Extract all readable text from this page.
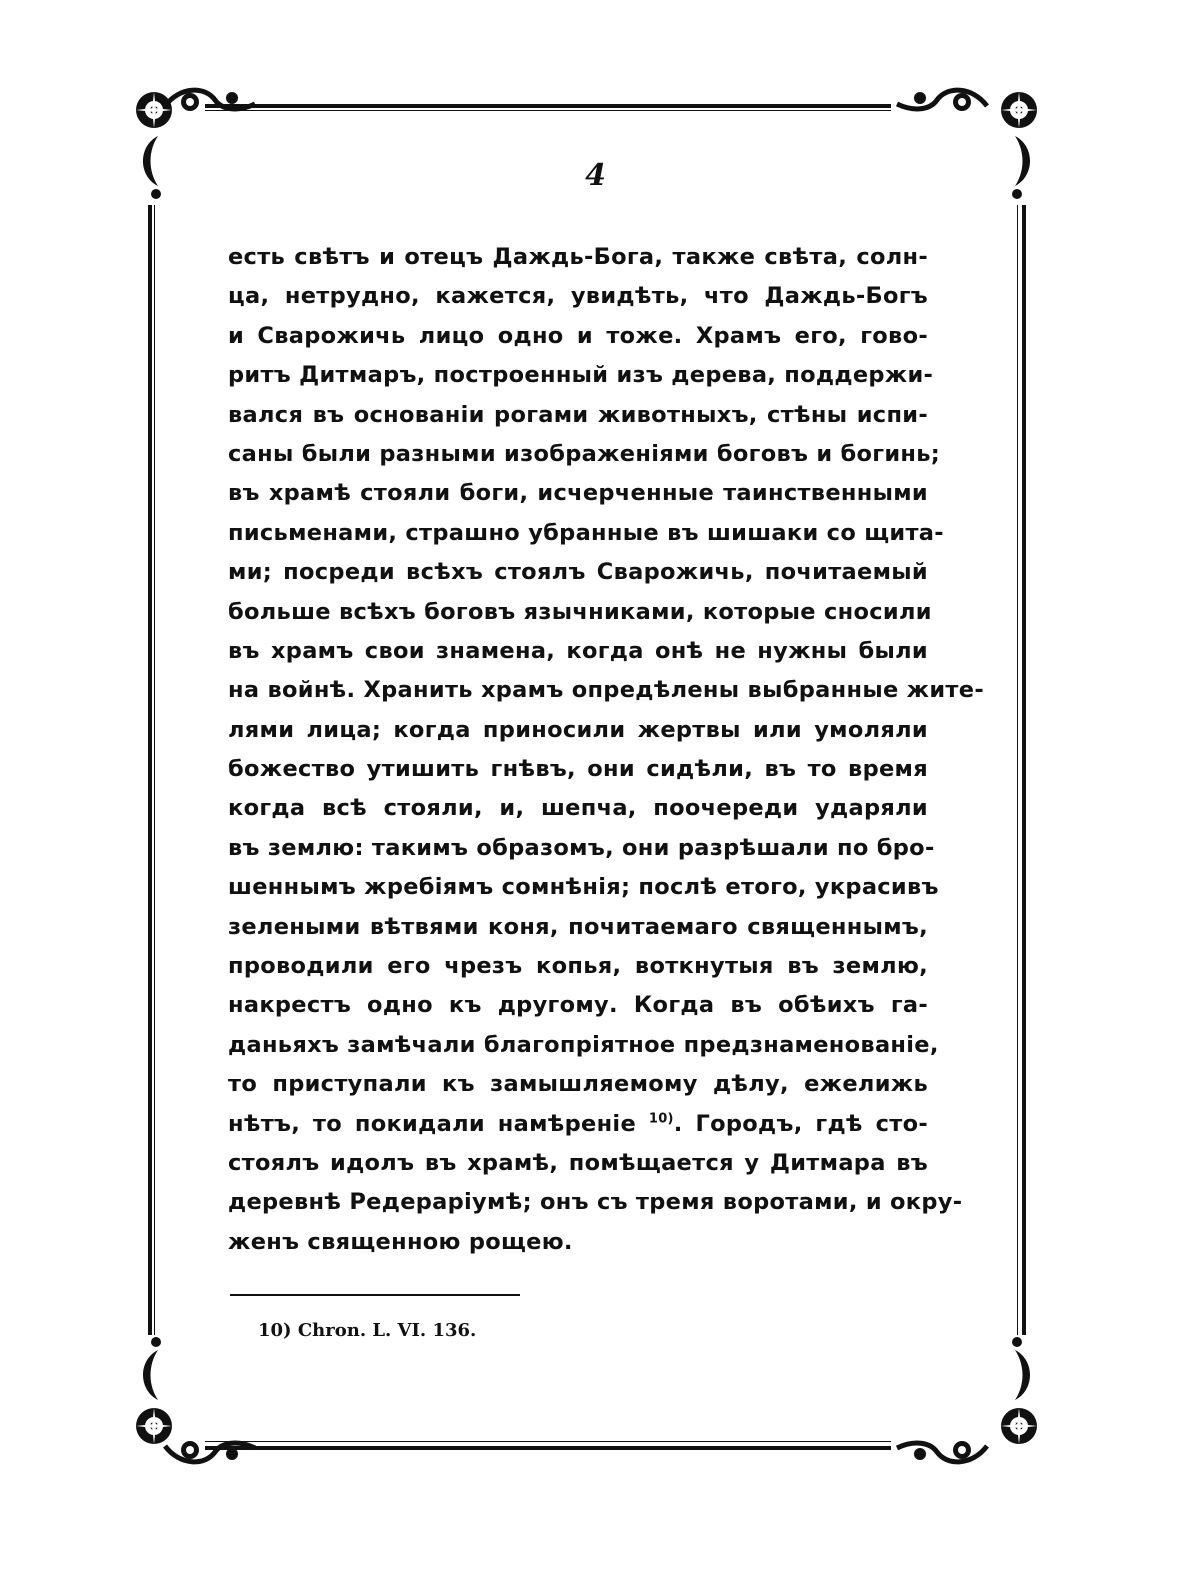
4
есть свѣтъ и отецъ Даждь-Бога, также свѣта, солн-
ца, нетрудно, кажется, увидѣть, что Даждь-Богъ
и Сварожичь лицо одно и тоже. Храмъ его, гово-
ритъ Дитмаръ, построенный изъ дерева, поддержи-
вался въ основаніи рогами животныхъ, стѣны испи-
саны были разными изображеніями боговъ и богинь;
въ храмѣ стояли боги, исчерченные таинственными
письменами, страшно убранные въ шишаки со щита-
ми; посреди всѣхъ стоялъ Сварожичь, почитаемый
больше всѣхъ боговъ язычниками, которые сносили
въ храмъ свои знамена, когда онѣ не нужны были
на войнѣ. Хранить храмъ опредѣлены выбранные жите-
лями лица; когда приносили жертвы или умоляли
божество утишить гнѣвъ, они сидѣли, въ то время
когда всѣ стояли, и, шепча, поочереди ударяли
въ землю: такимъ образомъ, они разрѣшали по бро-
шеннымъ жребіямъ сомнѣнія; послѣ етого, украсивъ
зелеными вѣтвями коня, почитаемаго священнымъ,
проводили его чрезъ копья, воткнутыя въ землю,
накрестъ одно къ другому. Когда въ обѣихъ га-
даньяхъ замѣчали благопріятное предзнаменованіе,
то приступали къ замышляемому дѣлу, ежелижь
нѣтъ, то покидали намѣреніе $^{10)}$. Городъ, гдѣ сто-
стоялъ идолъ въ храмѣ, помѣщается у Дитмара въ
деревнѣ Редераріумѣ; онъ съ тремя воротами, и окру-
женъ священною рощею.
10) Chron. L. VI. 136.
